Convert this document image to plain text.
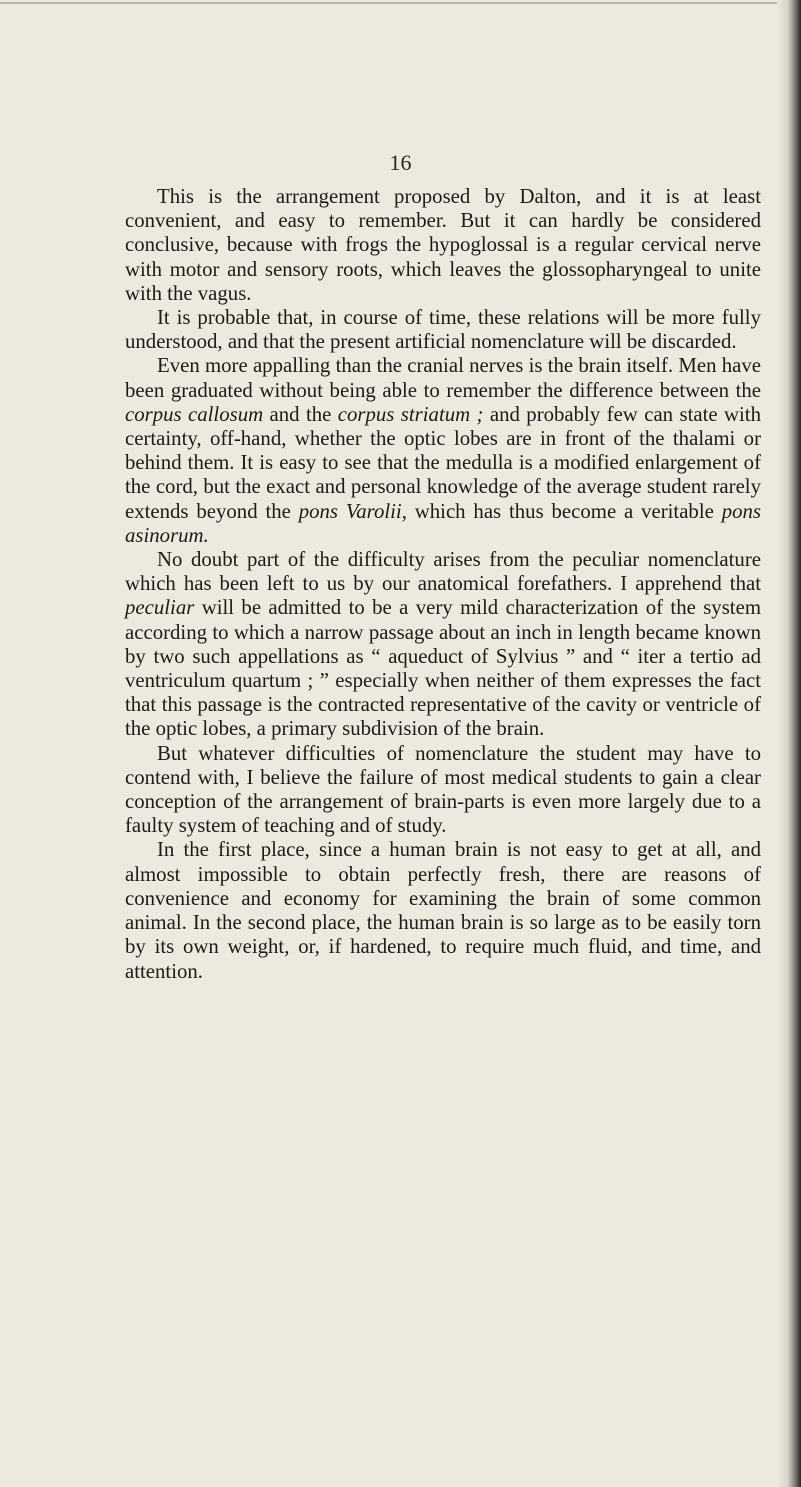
16

This is the arrangement proposed by Dalton, and it is at least convenient, and easy to remember. But it can hardly be considered conclusive, because with frogs the hypoglossal is a regular cervical nerve with motor and sensory roots, which leaves the glossopharyngeal to unite with the vagus.

It is probable that, in course of time, these relations will be more fully understood, and that the present artificial nomenclature will be discarded.

Even more appalling than the cranial nerves is the brain itself. Men have been graduated without being able to remember the difference between the corpus callosum and the corpus striatum ; and probably few can state with certainty, off-hand, whether the optic lobes are in front of the thalami or behind them. It is easy to see that the medulla is a modified enlargement of the cord, but the exact and personal knowledge of the average student rarely extends beyond the pons Varolii, which has thus become a veritable pons asinorum.

No doubt part of the difficulty arises from the peculiar nomenclature which has been left to us by our anatomical forefathers. I apprehend that peculiar will be admitted to be a very mild characterization of the system according to which a narrow passage about an inch in length became known by two such appellations as “ aqueduct of Sylvius ” and “ iter a tertio ad ventriculum quartum ; ” especially when neither of them expresses the fact that this passage is the contracted representative of the cavity or ventricle of the optic lobes, a primary subdivision of the brain.

But whatever difficulties of nomenclature the student may have to contend with, I believe the failure of most medical students to gain a clear conception of the arrangement of brain-parts is even more largely due to a faulty system of teaching and of study.

In the first place, since a human brain is not easy to get at all, and almost impossible to obtain perfectly fresh, there are reasons of convenience and economy for examining the brain of some common animal. In the second place, the human brain is so large as to be easily torn by its own weight, or, if hardened, to require much fluid, and time, and attention.
